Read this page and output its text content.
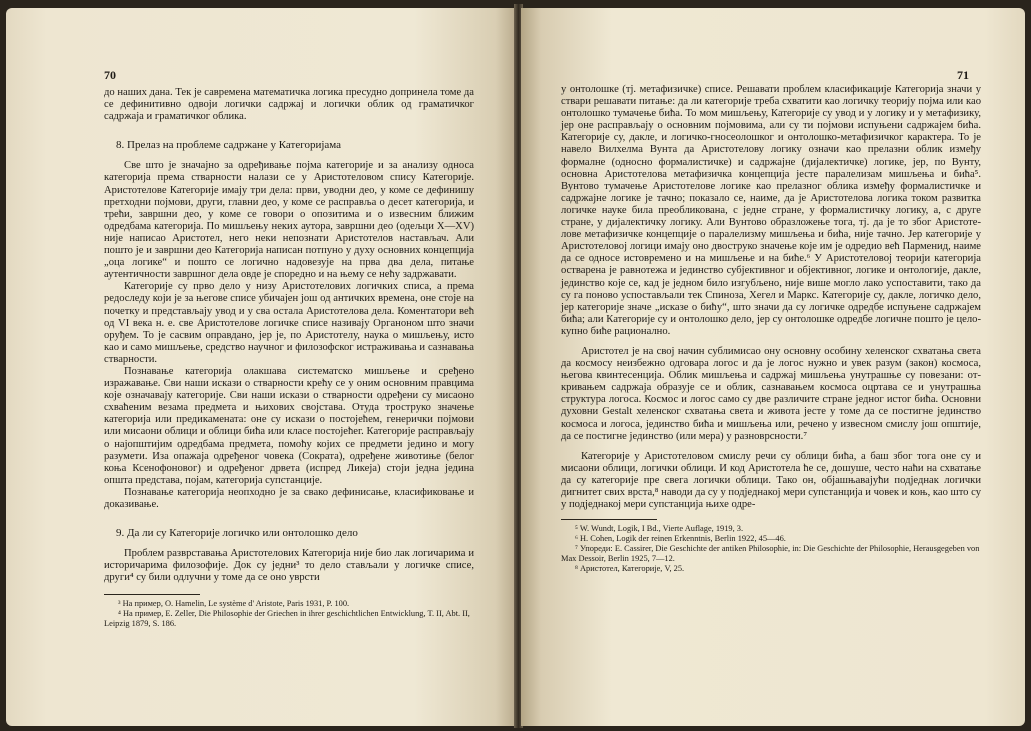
70

до наших дана. Тек је савремена математичка логика пресудно допринела томе да се дефинитивно одвоји логички садржај и логички облик од граматичког садржаја и граматичког облика.

8. Прелаз на проблеме садржане у Категоријама

Све што је значајно за одређивање појма категорије и за анализу односа категорија према стварности налази се у Аристотеловом спису Категорије. Аристотелове Категорије имају три дела: први, уводни део, у коме се дефинишу претходни појмови, други, главни део, у коме се расправља о десет категорија, и трећи, завршни део, у коме се говори о опозитима и о извесним ближим одредбама категорија. По мишљењу неких аутора, завршни део (одељци X—XV) није написао Аристотел, него неки непознати Аристотелов настављач. Али пошто је и завршни део Категорија написан потпуно у духу основних концепција „оца логике“ и пошто се логично надовезује на прва два дела, питање аутентичности завршног дела овде је споредно и на њему се нећу задржавати.

Категорије су прво дело у низу Аристотелових логичких списа, а према редоследу који је за његове списе убичајен још од античких времена, оне стоје на почетку и представљају увод и у сва остала Аристотелова дела. Коментатори већ од VI века н. е. све Аристотелове логичке списе називају Органоном што значи оруђем. То је сасвим оправдано, јер је, по Аристотелу, наука о мишљењу, исто као и само мишљење, средство научног и филозофског истраживања и сазнавања стварности.

Познавање категорија олакшава систематско мишљење и сређено изражавање. Сви наши искази о стварности крећу се у оним основним правцима које означавају категорије. Сви наши искази о стварности одређени су мисаоно схваћеним везама предмета и њихових својстава. Отуда троструко значење категорија или предикамената: оне су искази о постојећем, генерички појмови или мисаони облици и облици бића или класе постојећег. Категорије расправљају о најопштијим одредбама предмета, помоћу којих се предмети једино и могу разумети. Иза опажаја одређеног човека (Сократа), одређене животиње (белог коња Ксенофоновог) и одређеног дрвета (испред Ликеја) стоји једна једина општа представа, појам, категорија супстанције.

Познавање категорија неопходно је за свако дефинисање, класификовање и доказивање.

9. Да ли су Категорије логичко или онтолошко дело

Проблем разврставања Аристотелових Категорија није био лак логичарима и историчарима филозофије. Док су једни³ то дело стављали у логичке списе, други⁴ су били одлучни у томе да се оно уврсти

³ На пример, O. Hamelin, Le système d' Aristote, Paris 1931, P. 100.

⁴ На пример, E. Zeller, Die Philosophie der Griechen in ihrer geschichtlichen Entwicklung, T. II, Abt. II, Leipzig 1879, S. 186.

71

у онтолошке (тј. метафизичке) списе. Решавати проблем класификације Категорија значи у ствари решавати питање: да ли категорије треба схватити као логичку теорију појма или као онтолошко тумачење бића. То мом мишљењу, Категорије су увод и у логику и у метафизику, јер оне расправљају о основним појмовима, али су ти појмови испуњени садржајем бића. Категорије су, дакле, и логичко-гносеолошког и онтолошко-метафизичког карактера. То је навело Вилхелма Вунта да Аристотелову логику означи као прелазни облик између формалне (односно формалистичке) и садржајне (дијалектичке) логике, јер, по Вунту, основна Аристотелова метафизичка концепција јесте паралелизам мишљења и бића⁵. Вунтово тумачење Аристотелове логике као прелазног облика између формалистичке и садржајне логике је тачно; показало се, наиме, да је Аристотелова логика током развитка логичке науке била преобликована, с једне стране, у формалистичку логику, а, с друге стране, у дијалектичку логику. Али Вунтово образложење тога, тј. да је то због Аристотелове метафизичке концепције о паралелизму мишљења и бића, није тачно. Јер категорије у Аристотеловој логици имају оно двоструко значење које им је одредио већ Парменид, наиме да се односе истовремено и на мишљење и на биће.⁶ У Аристотеловој теорији категорија остварена је равнотежа и јединство субјективног и објективног, логике и онтологије, дакле, јединство које се, кад је једном било изгубљено, није више могло лако успоставити, тако да су га поново успостављали тек Спиноза, Хегел и Маркс. Категорије су, дакле, логичко дело, јер категорије значе „исказе о бићу“, што значи да су логичке одредбе испуњене садржајем бића; али Категорије су и онтолошко дело, јер су онтолошке одредбе логичне пошто је целокупно биће рационално.

Аристотел је на свој начин сублимисао ону основну особину хеленског схватања света да космосу неизбежно одговара логос и да је логос нужно и увек разум (закон) космоса, његова квинтесенција. Облик мишљења и садржај мишљења унутрашње су повезани: откривањем садржаја образује се и облик, сазнавањем космоса оцртава се и унутрашња структура логоса. Космос и логос само су две различите стране једног истог бића. Основни духовни Gestalt хеленског схватања света и живота јесте у томе да се постигне јединство космоса и логоса, јединство бића и мишљења или, речено у извесном смислу још општије, да се постигне јединство (или мера) у разноврсности.⁷

Категорије у Аристотеловом смислу речи су облици бића, а баш због тога оне су и мисаони облици, логички облици. И код Аристотела ће се, дошуше, често наћи на схватање да су категорије пре свега логички облици. Тако он, објашњавајући подједнак логички дигнитет свих врста,⁸ наводи да су у подједнакој мери супстанција и човек и коњ, као што су у подједнакој мери супстанција њихе одре-

⁵ W. Wundt, Logik, I Bd., Vierte Auflage, 1919, 3.

⁶ H. Cohen, Logik der reinen Erkenntnis, Berlin 1922, 45—46.

⁷ Упореди: E. Cassirer, Die Geschichte der antiken Philosophie, in: Die Geschichte der Philosophie, Herausgegeben von Max Dessoir, Berlin 1925, 7—12.

⁸ Аристотел, Категорије, V, 25.
